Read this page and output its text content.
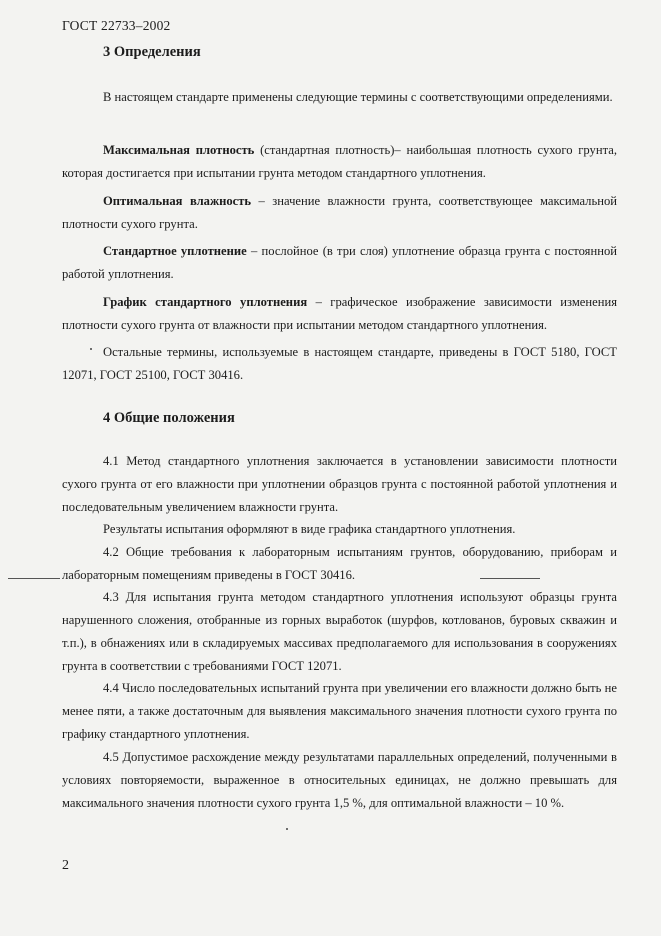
ГОСТ 22733–2002
3 Определения
В настоящем стандарте применены следующие термины с соответствующими определениями.
Максимальная плотность (стандартная плотность)– наибольшая плотность сухого грунта, которая достигается при испытании грунта методом стандартного уплотнения.
Оптимальная влажность – значение влажности грунта, соответствующее максимальной плотности сухого грунта.
Стандартное уплотнение – послойное (в три слоя) уплотнение образца грунта с постоянной работой уплотнения.
График стандартного уплотнения – графическое изображение зависимости изменения плотности сухого грунта от влажности при испытании методом стандартного уплотнения.
Остальные термины, используемые в настоящем стандарте, приведены в ГОСТ 5180, ГОСТ 12071, ГОСТ 25100, ГОСТ 30416.
4 Общие положения
4.1 Метод стандартного уплотнения заключается в установлении зависимости плотности сухого грунта от его влажности при уплотнении образцов грунта с постоянной работой уплотнения и последовательным увеличением влажности грунта.
Результаты испытания оформляют в виде графика стандартного уплотнения.
4.2 Общие требования к лабораторным испытаниям грунтов, оборудованию, приборам и лабораторным помещениям приведены в ГОСТ 30416.
4.3 Для испытания грунта методом стандартного уплотнения используют образцы грунта нарушенного сложения, отобранные из горных выработок (шурфов, котлованов, буровых скважин и т.п.), в обнажениях или в складируемых массивах предполагаемого для использования в сооружениях грунта в соответствии с требованиями ГОСТ 12071.
4.4 Число последовательных испытаний грунта при увеличении его влажности должно быть не менее пяти, а также достаточным для выявления максимального значения плотности сухого грунта по графику стандартного уплотнения.
4.5 Допустимое расхождение между результатами параллельных определений, полученными в условиях повторяемости, выраженное в относительных единицах, не должно превышать для максимального значения плотности сухого грунта 1,5 %, для оптимальной влажности – 10 %.
2
